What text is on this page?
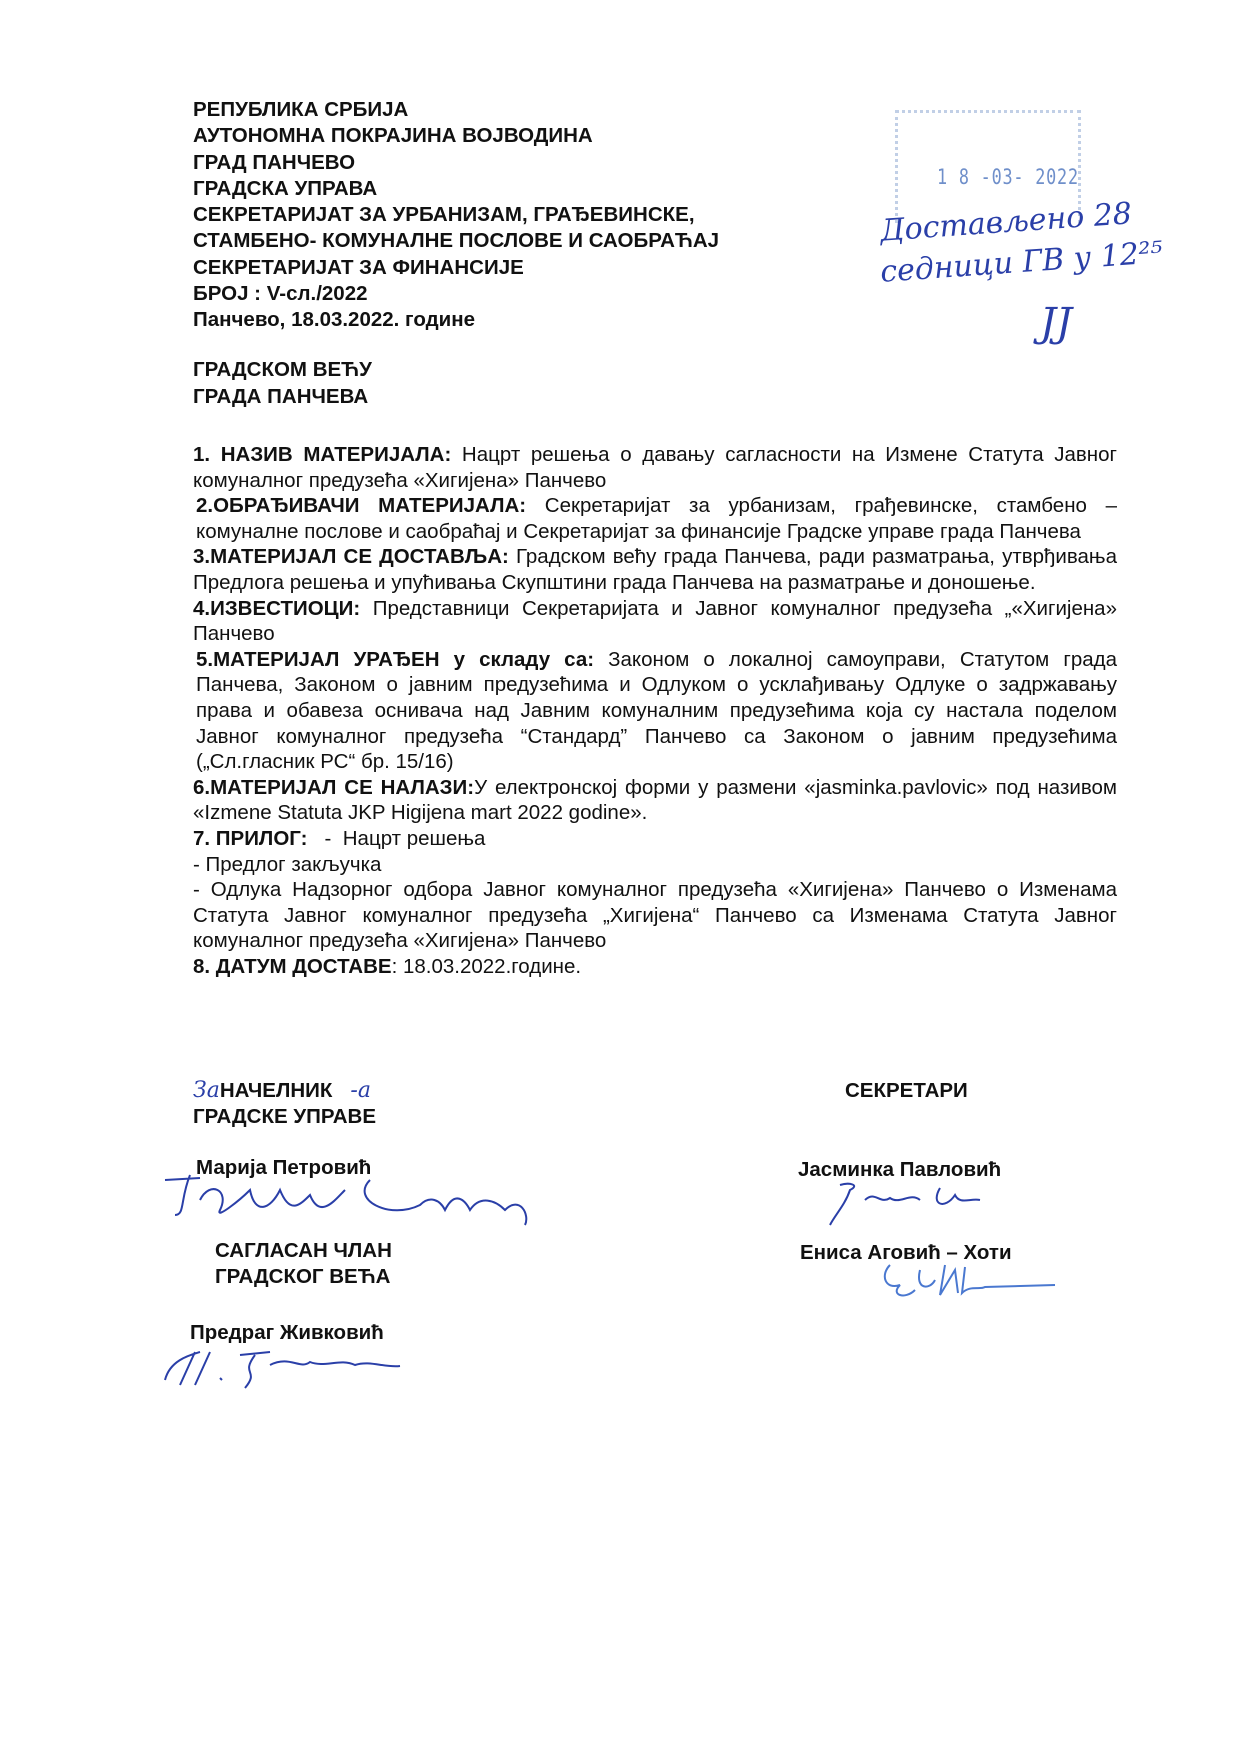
РЕПУБЛИКА СРБИЈА
АУТОНОМНА ПОКРАЈИНА ВОЈВОДИНА
ГРАД ПАНЧЕВО
ГРАДСКА УПРАВА
СЕКРЕТАРИЈАТ ЗА УРБАНИЗАМ, ГРАЂЕВИНСКЕ,
СТАМБЕНО- КОМУНАЛНЕ ПОСЛОВЕ И САОБРАЋАЈ
СЕКРЕТАРИЈАТ ЗА ФИНАНСИЈЕ
БРОЈ : V-сл./2022
Панчево, 18.03.2022. године
1 8 -03- 2022
Достављено 28
седници ГВ у 12²⁵
ЈЈ
ГРАДСКОМ ВЕЋУ
ГРАДА ПАНЧЕВА

1. НАЗИВ МАТЕРИЈАЛА: Нацрт решења о давању сагласности на Измене Статута Јавног комуналног предузећа «Хигијена» Панчево

2.ОБРАЂИВАЧИ МАТЕРИЈАЛА: Секретаријат за урбанизам, грађевинске, стамбено – комуналне послове и саобраћај и Секретаријат за финансије Градске управе града Панчева

3.МАТЕРИЈАЛ СЕ ДОСТАВЉА: Градском већу града Панчева, ради разматрања, утврђивања Предлога решења и упућивања Скупштини града Панчева на разматрање и доношење.

4.ИЗВЕСТИОЦИ: Представници Секретаријата и Јавног комуналног предузећа „«Хигијена» Панчево

5.МАТЕРИЈАЛ УРАЂЕН у складу са: Законом о локалној самоуправи, Статутом града Панчева, Законом о јавним предузећима и Одлуком о усклађивању Одлуке о задржавању права и обавеза оснивача над Јавним комуналним предузећима која су настала поделом Јавног комуналног предузећа “Стандард” Панчево са Законом о јавним предузећима („Сл.гласник РС“ бр. 15/16)

6.МАТЕРИЈАЛ СЕ НАЛАЗИ:У електронској форми у размени «jasminka.pavlovic» под називом «Izmene Statuta JKP Higijena mart 2022 godine».

7. ПРИЛОГ:   -  Нацрт решења

- Предлог закључка

- Одлука Надзорног одбора Јавног комуналног предузећа «Хигијена» Панчево о Изменама Статута Јавног комуналног предузећа „Хигијена“ Панчево са Изменама Статута Јавног комуналног предузећа «Хигијена» Панчево

8. ДАТУМ ДОСТАВЕ: 18.03.2022.године.

ЗаНАЧЕЛНИК -а
ГРАДСКЕ УПРАВЕ
Марија Петровић
САГЛАСАН ЧЛАН
ГРАДСКОГ ВЕЋА
Предраг Живковић
СЕКРЕТАРИ
Јасминка Павловић
Ениса Аговић – Хоти
